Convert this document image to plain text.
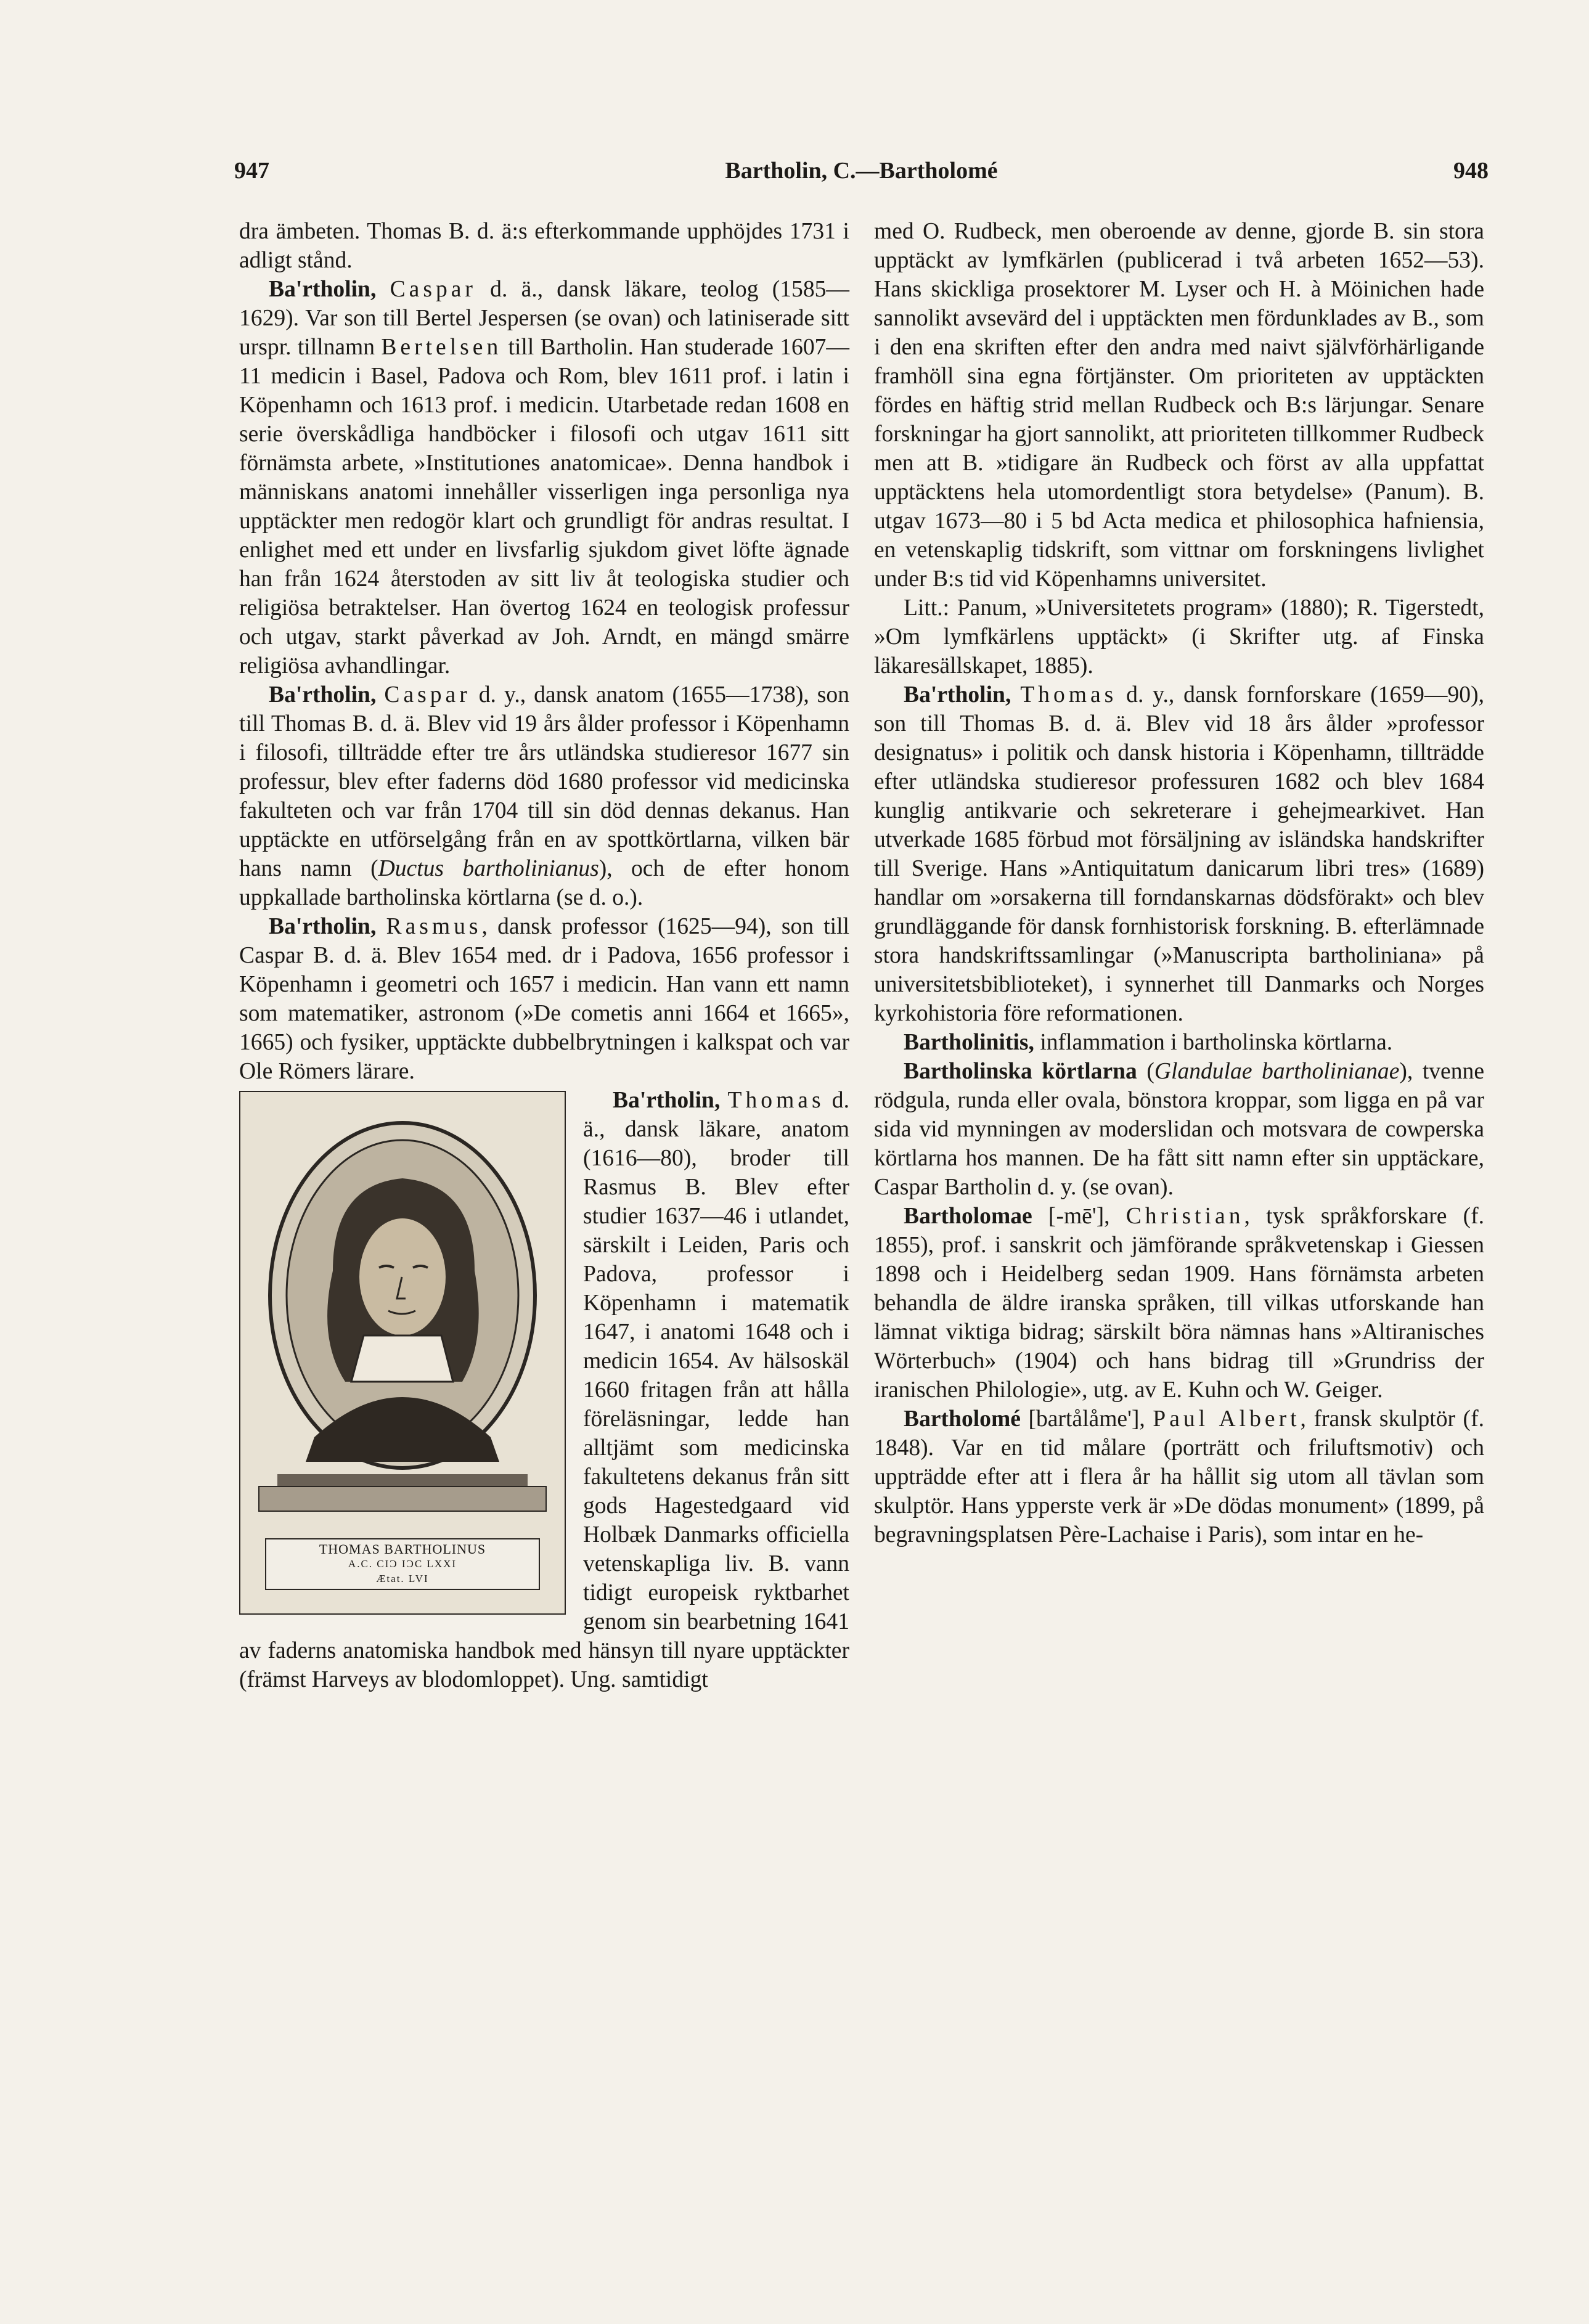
947	Bartholin, C.—Bartholomé	948

dra ämbeten. Thomas B. d. ä:s efterkommande upphöjdes 1731 i adligt stånd.

Ba'rtholin, Caspar d. ä., dansk läkare, teolog (1585—1629). Var son till Bertel Jespersen (se ovan) och latiniserade sitt urspr. tillnamn Bertelsen till Bartholin. Han studerade 1607—11 medicin i Basel, Padova och Rom, blev 1611 prof. i latin i Köpenhamn och 1613 prof. i medicin. Utarbetade redan 1608 en serie överskådliga handböcker i filosofi och utgav 1611 sitt förnämsta arbete, »Institutiones anatomicae». Denna handbok i människans anatomi innehåller visserligen inga personliga nya upptäckter men redogör klart och grundligt för andras resultat. I enlighet med ett under en livsfarlig sjukdom givet löfte ägnade han från 1624 återstoden av sitt liv åt teologiska studier och religiösa betraktelser. Han övertog 1624 en teologisk professur och utgav, starkt påverkad av Joh. Arndt, en mängd smärre religiösa avhandlingar.

Ba'rtholin, Caspar d. y., dansk anatom (1655—1738), son till Thomas B. d. ä. Blev vid 19 års ålder professor i Köpenhamn i filosofi, tillträdde efter tre års utländska studieresor 1677 sin professur, blev efter faderns död 1680 professor vid medicinska fakulteten och var från 1704 till sin död dennas dekanus. Han upptäckte en utförselgång från en av spottkörtlarna, vilken bär hans namn (Ductus bartholinianus), och de efter honom uppkallade bartholinska körtlarna (se d. o.).

Ba'rtholin, Rasmus, dansk professor (1625—94), son till Caspar B. d. ä. Blev 1654 med. dr i Padova, 1656 professor i Köpenhamn i geometri och 1657 i medicin. Han vann ett namn som matematiker, astronom (»De cometis anni 1664 et 1665», 1665) och fysiker, upptäckte dubbelbrytningen i kalkspat och var Ole Römers lärare.

THOMAS BARTHOLINUS
A.C. CIƆ IƆC LXXI
Ætat. LVI

Ba'rtholin, Thomas d. ä., dansk läkare, anatom (1616—80), broder till Rasmus B. Blev efter studier 1637—46 i utlandet, särskilt i Leiden, Paris och Padova, professor i Köpenhamn i matematik 1647, i anatomi 1648 och i medicin 1654. Av hälsoskäl 1660 fritagen från att hålla föreläsningar, ledde han alltjämt som medicinska fakultetens dekanus från sitt gods Hagestedgaard vid Holbæk Danmarks officiella vetenskapliga liv. B. vann tidigt europeisk ryktbarhet genom sin bearbetning 1641 av faderns anatomiska handbok med hänsyn till nyare upptäckter (främst Harveys av blodomloppet). Ung. samtidigt

med O. Rudbeck, men oberoende av denne, gjorde B. sin stora upptäckt av lymfkärlen (publicerad i två arbeten 1652—53). Hans skickliga prosektorer M. Lyser och H. à Möinichen hade sannolikt avsevärd del i upptäckten men fördunklades av B., som i den ena skriften efter den andra med naivt självförhärligande framhöll sina egna förtjänster. Om prioriteten av upptäckten fördes en häftig strid mellan Rudbeck och B:s lärjungar. Senare forskningar ha gjort sannolikt, att prioriteten tillkommer Rudbeck men att B. »tidigare än Rudbeck och först av alla uppfattat upptäcktens hela utomordentligt stora betydelse» (Panum). B. utgav 1673—80 i 5 bd Acta medica et philosophica hafniensia, en vetenskaplig tidskrift, som vittnar om forskningens livlighet under B:s tid vid Köpenhamns universitet.

Litt.: Panum, »Universitetets program» (1880); R. Tigerstedt, »Om lymfkärlens upptäckt» (i Skrifter utg. af Finska läkaresällskapet, 1885).

Ba'rtholin, Thomas d. y., dansk fornforskare (1659—90), son till Thomas B. d. ä. Blev vid 18 års ålder »professor designatus» i politik och dansk historia i Köpenhamn, tillträdde efter utländska studieresor professuren 1682 och blev 1684 kunglig antikvarie och sekreterare i gehejmearkivet. Han utverkade 1685 förbud mot försäljning av isländska handskrifter till Sverige. Hans »Antiquitatum danicarum libri tres» (1689) handlar om »orsakerna till forndanskarnas dödsförakt» och blev grundläggande för dansk fornhistorisk forskning. B. efterlämnade stora handskriftssamlingar (»Manuscripta bartholiniana» på universitetsbiblioteket), i synnerhet till Danmarks och Norges kyrkohistoria före reformationen.

Bartholinitis, inflammation i bartholinska körtlarna.

Bartholinska körtlarna (Glandulae bartholinianae), tvenne rödgula, runda eller ovala, bönstora kroppar, som ligga en på var sida vid mynningen av moderslidan och motsvara de cowperska körtlarna hos mannen. De ha fått sitt namn efter sin upptäckare, Caspar Bartholin d. y. (se ovan).

Bartholomae [-mē'], Christian, tysk språkforskare (f. 1855), prof. i sanskrit och jämförande språkvetenskap i Giessen 1898 och i Heidelberg sedan 1909. Hans förnämsta arbeten behandla de äldre iranska språken, till vilkas utforskande han lämnat viktiga bidrag; särskilt böra nämnas hans »Altiranisches Wörterbuch» (1904) och hans bidrag till »Grundriss der iranischen Philologie», utg. av E. Kuhn och W. Geiger.

Bartholomé [bartålåme'], Paul Albert, fransk skulptör (f. 1848). Var en tid målare (porträtt och friluftsmotiv) och uppträdde efter att i flera år ha hållit sig utom all tävlan som skulptör. Hans ypperste verk är »De dödas monument» (1899, på begravningsplatsen Père-Lachaise i Paris), som intar en he-
